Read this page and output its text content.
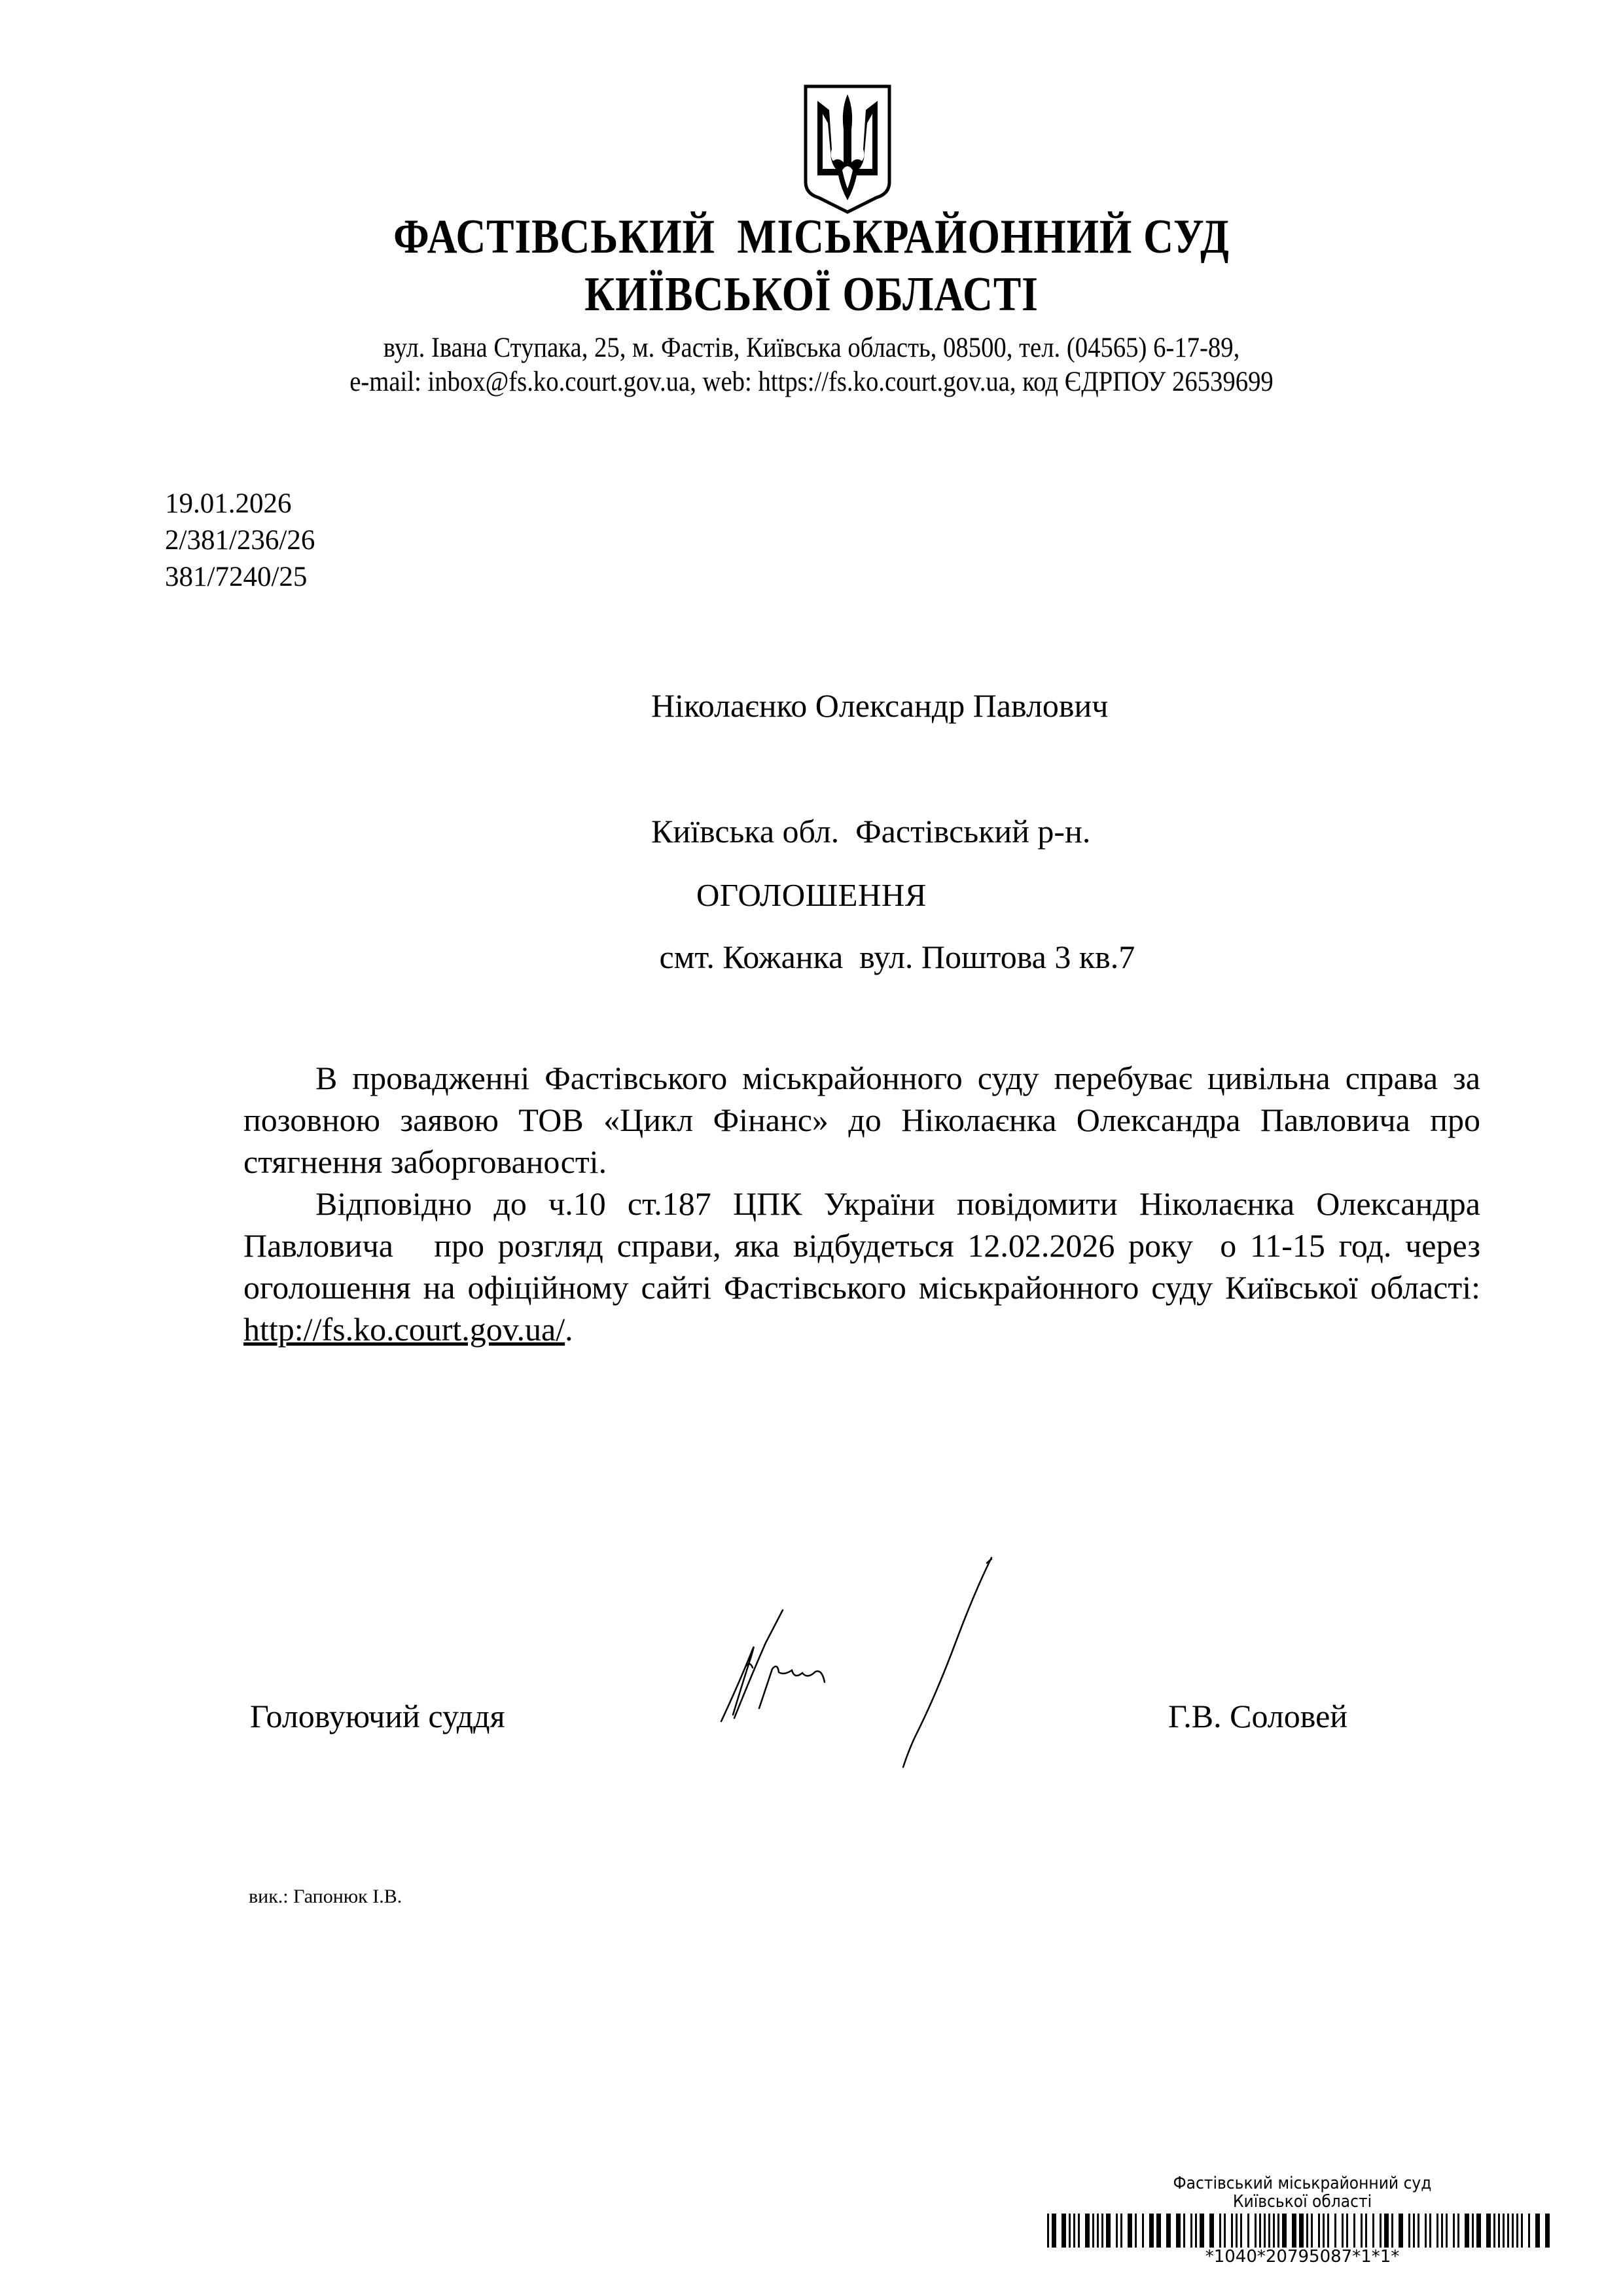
ФАСТІВСЬКИЙ  МІСЬКРАЙОННИЙ СУД
КИЇВСЬКОЇ ОБЛАСТІ
вул. Івана Ступака, 25, м. Фастів, Київська область, 08500, тел. (04565) 6-17-89,
e-mail: inbox@fs.ko.court.gov.ua, web: https://fs.ko.court.gov.ua, код ЄДРПОУ 26539699
19.01.2026
2/381/236/26
381/7240/25

Ніколаєнко Олександр Павлович

Київська обл.  Фастівський р-н.

смт. Кожанка  вул. Поштова 3 кв.7

ОГОЛОШЕННЯ

В провадженні Фастівського міськрайонного суду перебуває цивільна справа за позовною заявою ТОВ «Цикл Фінанс» до Ніколаєнка Олександра Павловича про стягнення заборгованості.

Відповідно до ч.10 ст.187 ЦПК України повідомити Ніколаєнка Олександра Павловича   про розгляд справи, яка відбудеться 12.02.2026 року  о 11-15 год. через оголошення на офіційному сайті Фастівського міськрайонного суду Київської області: http://fs.ko.court.gov.ua/.

Головуючий суддя	Г.В. Соловей
вик.: Гапонюк І.В.
Фастівський міськрайонний суд
Київської області
*1040*20795087*1*1*
